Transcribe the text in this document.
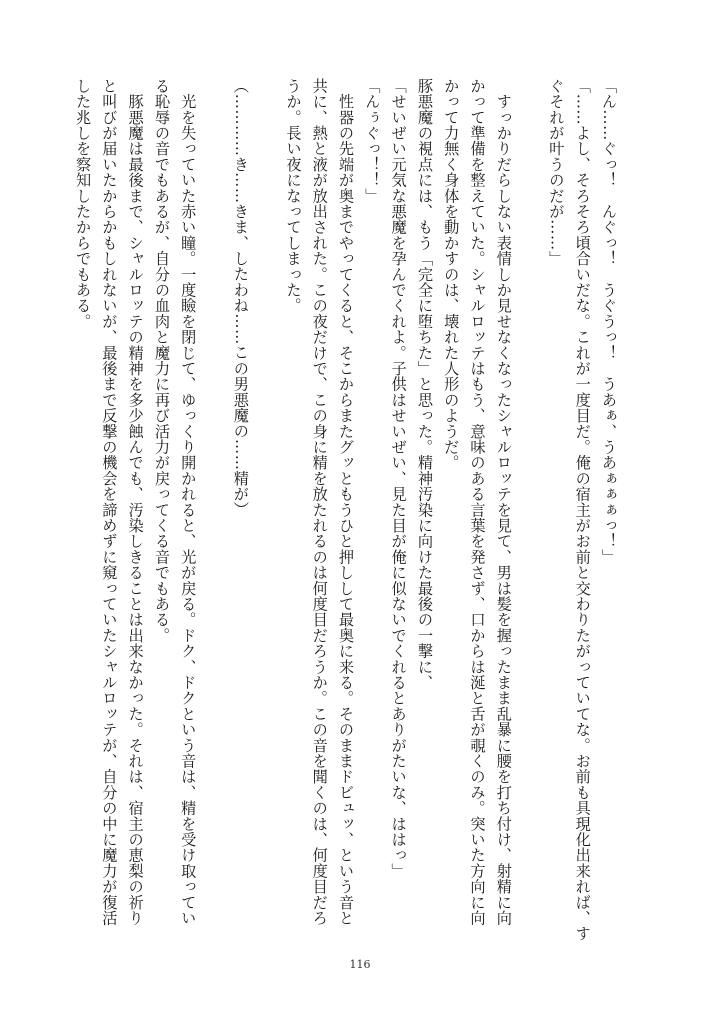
「ん……ぐっ！　んぐっ！　うぐうっ！　うあぁ、うあぁぁぁっ！」
「……よし、そろそろ頃合いだな。これが一度目だ。俺の宿主がお前と交わりたがっていてな。お前も具現化出来れば、す
ぐそれが叶うのだが……」
　すっかりだらしない表情しか見せなくなったシャルロッテを見て、男は髪を握ったまま乱暴に腰を打ち付け、射精に向
かって準備を整えていた。シャルロッテはもう、意味のある言葉を発さず、口からは涎と舌が覗くのみ。突いた方向に向
かって力無く身体を動かすのは、壊れた人形のようだ。
豚悪魔の視点には、もう「完全に堕ちた」と思った。精神汚染に向けた最後の一撃に、
「せいぜい元気な悪魔を孕んでくれよ。子供はせいぜい、見た目が俺に似ないでくれるとありがたいな、ははっ」
「んぅぐっ！！」
　性器の先端が奥までやってくると、そこからまたグッともうひと押しして最奥に来る。そのままドビュッ、という音と
共に、熱と液が放出された。この夜だけで、この身に精を放たれるのは何度目だろうか。この音を聞くのは、何度目だろ
うか。長い夜になってしまった。
（…………き……きま、したわね……この男悪魔の……精が）
　光を失っていた赤い瞳。一度瞼を閉じて、ゆっくり開かれると、光が戻る。ドク、ドクという音は、精を受け取ってい
る恥辱の音でもあるが、自分の血肉と魔力に再び活力が戻ってくる音でもある。
　豚悪魔は最後まで、シャルロッテの精神を多少蝕んでも、汚染しきることは出来なかった。それは、宿主の恵梨の祈り
と叫びが届いたからかもしれないが、最後まで反撃の機会を諦めずに窺っていたシャルロッテが、自分の中に魔力が復活
した兆しを察知したからでもある。
116
